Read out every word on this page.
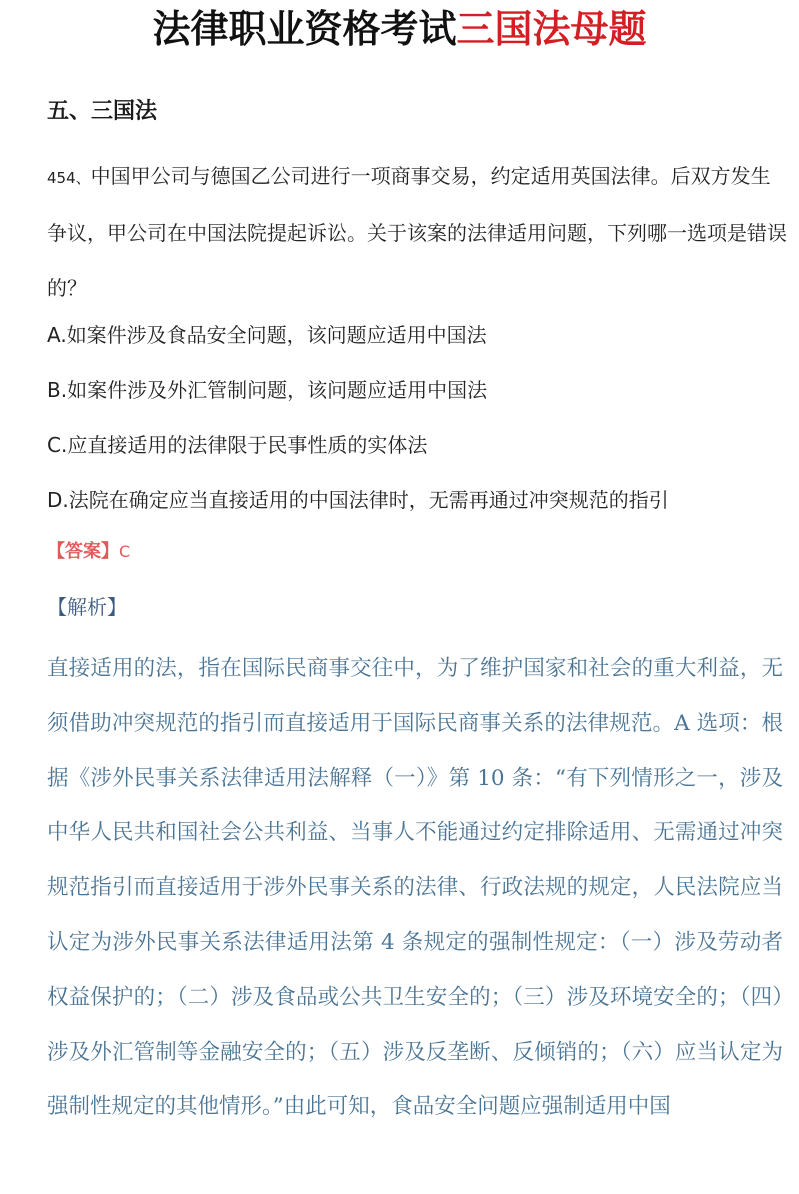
法律职业资格考试三国法母题
五、三国法
454、中国甲公司与德国乙公司进行一项商事交易，约定适用英国法律。后双方发生争议，甲公司在中国法院提起诉讼。关于该案的法律适用问题，下列哪一选项是错误的？
A.如案件涉及食品安全问题，该问题应适用中国法
B.如案件涉及外汇管制问题，该问题应适用中国法
C.应直接适用的法律限于民事性质的实体法
D.法院在确定应当直接适用的中国法律时，无需再通过冲突规范的指引
【答案】C
【解析】
直接适用的法，指在国际民商事交往中，为了维护国家和社会的重大利益，无须借助冲突规范的指引而直接适用于国际民商事关系的法律规范。A 选项：根据《涉外民事关系法律适用法解释（一）》第 10 条：“有下列情形之一，涉及中华人民共和国社会公共利益、当事人不能通过约定排除适用、无需通过冲突规范指引而直接适用于涉外民事关系的法律、行政法规的规定，人民法院应当认定为涉外民事关系法律适用法第 4 条规定的强制性规定：（一）涉及劳动者权益保护的；（二）涉及食品或公共卫生安全的；（三）涉及环境安全的；（四）涉及外汇管制等金融安全的；（五）涉及反垄断、反倾销的；（六）应当认定为强制性规定的其他情形。”由此可知，食品安全问题应强制适用中国
